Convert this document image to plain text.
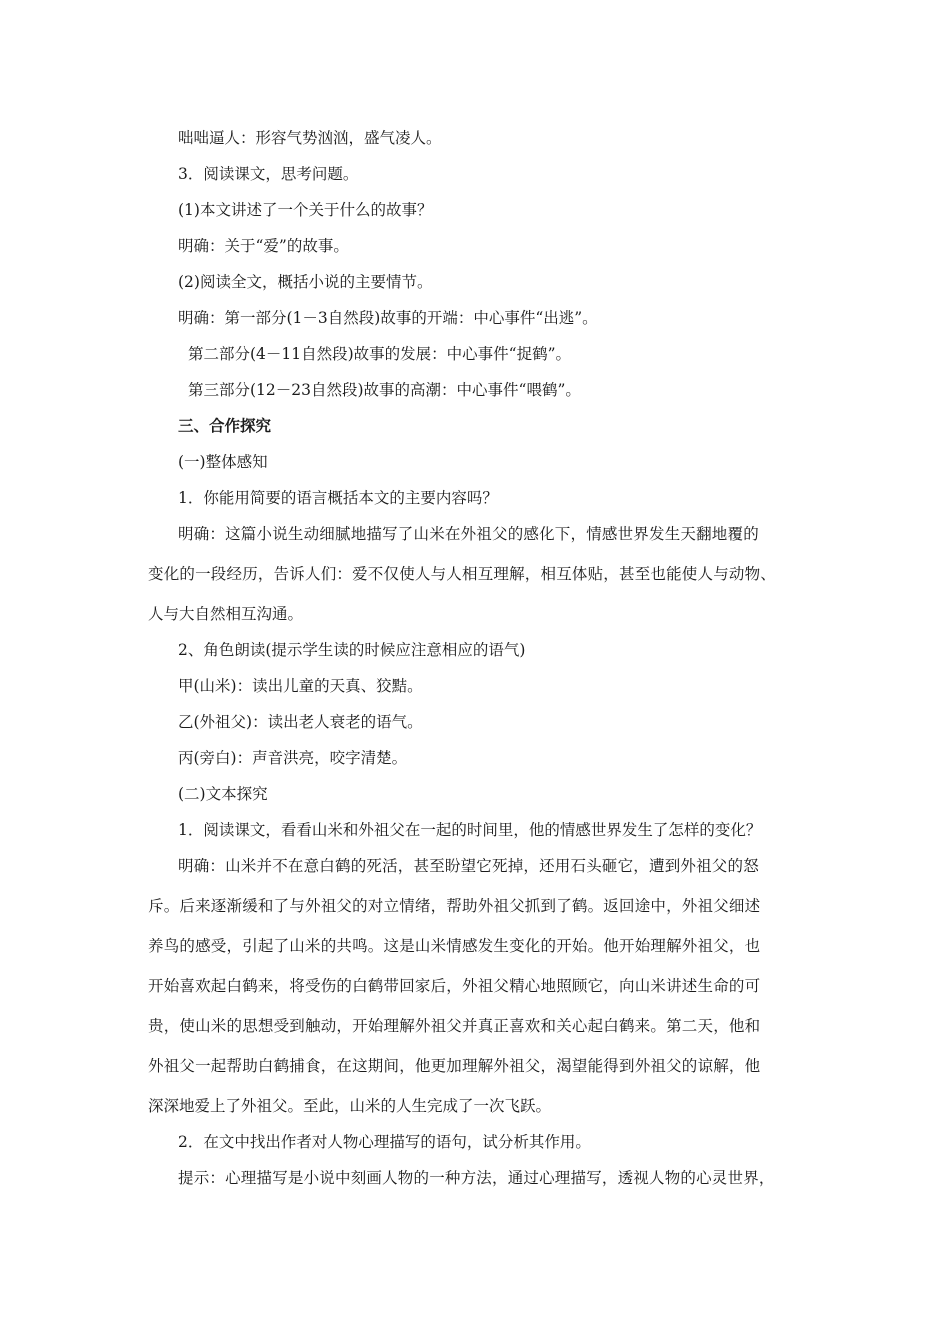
咄咄逼人：形容气势汹汹，盛气凌人。
3．阅读课文，思考问题。
(1)本文讲述了一个关于什么的故事？
明确：关于“爱”的故事。
(2)阅读全文，概括小说的主要情节。
明确：第一部分(1－3自然段)故事的开端：中心事件“出逃”。
第二部分(4－11自然段)故事的发展：中心事件“捉鹤”。
第三部分(12－23自然段)故事的高潮：中心事件“喂鹤”。
三、合作探究
(一)整体感知
1．你能用简要的语言概括本文的主要内容吗？
明确：这篇小说生动细腻地描写了山米在外祖父的感化下，情感世界发生天翻地覆的
变化的一段经历，告诉人们：爱不仅使人与人相互理解，相互体贴，甚至也能使人与动物、
人与大自然相互沟通。
2、角色朗读(提示学生读的时候应注意相应的语气)
甲(山米)：读出儿童的天真、狡黠。
乙(外祖父)：读出老人衰老的语气。
丙(旁白)：声音洪亮，咬字清楚。
(二)文本探究
1．阅读课文，看看山米和外祖父在一起的时间里，他的情感世界发生了怎样的变化？
明确：山米并不在意白鹤的死活，甚至盼望它死掉，还用石头砸它，遭到外祖父的怒
斥。后来逐渐缓和了与外祖父的对立情绪，帮助外祖父抓到了鹤。返回途中，外祖父细述
养鸟的感受，引起了山米的共鸣。这是山米情感发生变化的开始。他开始理解外祖父，也
开始喜欢起白鹤来，将受伤的白鹤带回家后，外祖父精心地照顾它，向山米讲述生命的可
贵，使山米的思想受到触动，开始理解外祖父并真正喜欢和关心起白鹤来。第二天，他和
外祖父一起帮助白鹤捕食，在这期间，他更加理解外祖父，渴望能得到外祖父的谅解，他
深深地爱上了外祖父。至此，山米的人生完成了一次飞跃。
2．在文中找出作者对人物心理描写的语句，试分析其作用。
提示：心理描写是小说中刻画人物的一种方法，通过心理描写，透视人物的心灵世界，
